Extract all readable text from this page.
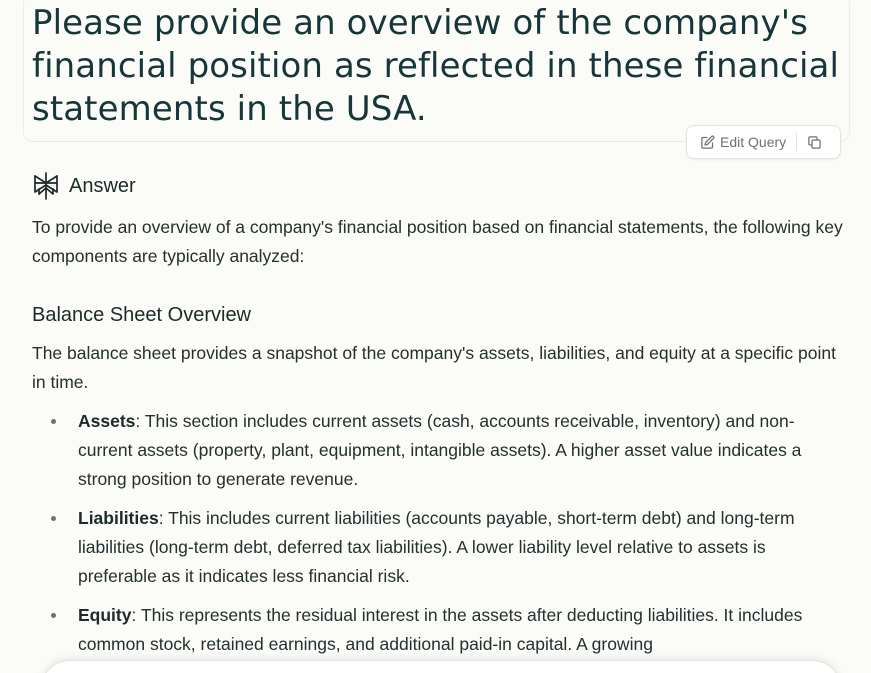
Please provide an overview of the company's financial position as reflected in these financial statements in the USA.
Edit Query
Answer

To provide an overview of a company's financial position based on financial statements, the following key components are typically analyzed:

Balance Sheet Overview

The balance sheet provides a snapshot of the company's assets, liabilities, and equity at a specific point in time.

Assets: This section includes current assets (cash, accounts receivable, inventory) and non-current assets (property, plant, equipment, intangible assets). A higher asset value indicates a strong position to generate revenue.
Liabilities: This includes current liabilities (accounts payable, short-term debt) and long-term liabilities (long-term debt, deferred tax liabilities). A lower liability level relative to assets is preferable as it indicates less financial risk.
Equity: This represents the residual interest in the assets after deducting liabilities. It includes common stock, retained earnings, and additional paid-in capital. A growing
